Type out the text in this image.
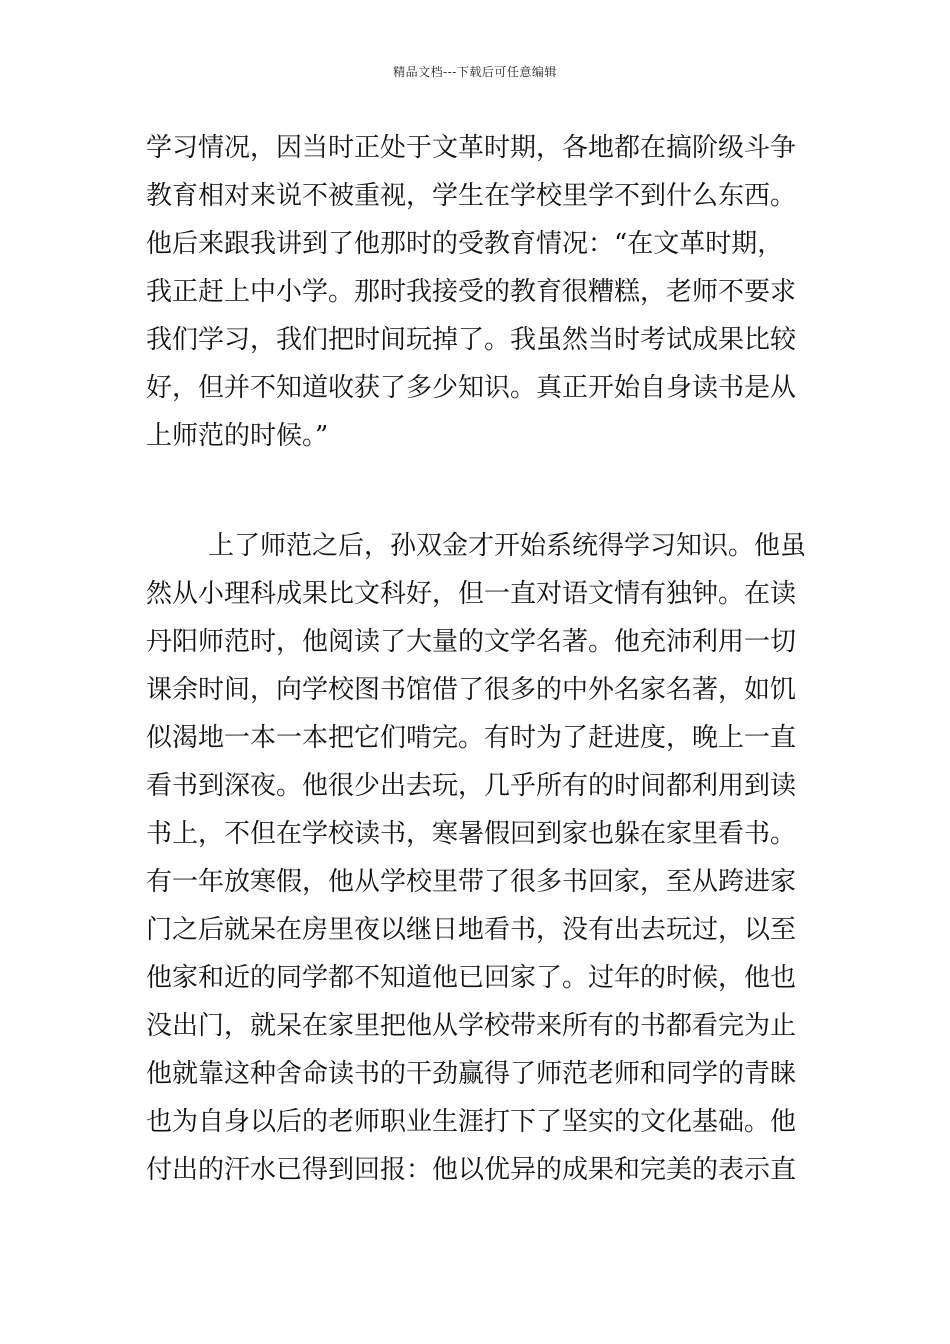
精品文档---下载后可任意编辑
学习情况，因当时正处于文革时期，各地都在搞阶级斗争
教育相对来说不被重视，学生在学校里学不到什么东西。
他后来跟我讲到了他那时的受教育情况：“在文革时期，
我正赶上中小学。那时我接受的教育很糟糕，老师不要求
我们学习，我们把时间玩掉了。我虽然当时考试成果比较
好，但并不知道收获了多少知识。真正开始自身读书是从
上师范的时候。”
上了师范之后，孙双金才开始系统得学习知识。他虽
然从小理科成果比文科好，但一直对语文情有独钟。在读
丹阳师范时，他阅读了大量的文学名著。他充沛利用一切
课余时间，向学校图书馆借了很多的中外名家名著，如饥
似渴地一本一本把它们啃完。有时为了赶进度，晚上一直
看书到深夜。他很少出去玩，几乎所有的时间都利用到读
书上，不但在学校读书，寒暑假回到家也躲在家里看书。
有一年放寒假，他从学校里带了很多书回家，至从跨进家
门之后就呆在房里夜以继日地看书，没有出去玩过，以至
他家和近的同学都不知道他已回家了。过年的时候，他也
没出门，就呆在家里把他从学校带来所有的书都看完为止
他就靠这种舍命读书的干劲赢得了师范老师和同学的青睐
也为自身以后的老师职业生涯打下了坚实的文化基础。他
付出的汗水已得到回报：他以优异的成果和完美的表示直
